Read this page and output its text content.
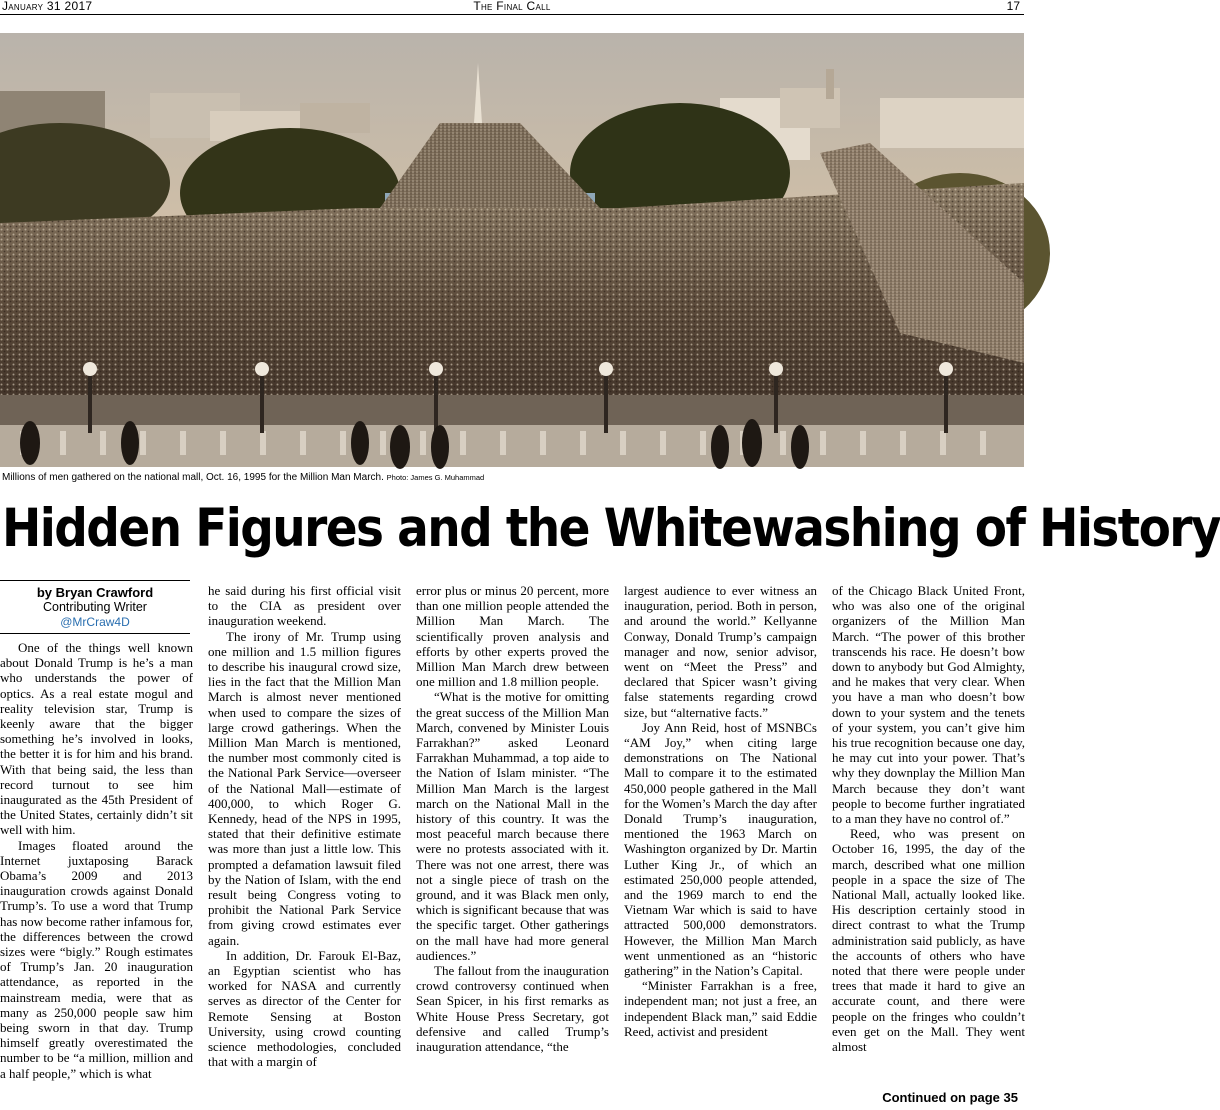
January 31 2017	The Final Call	17
Millions of men gathered on the national mall, Oct. 16, 1995 for the Million Man March. Photo: James G. Muhammad
Hidden Figures and the Whitewashing of History
by Bryan Crawford
Contributing Writer
@MrCraw4D

One of the things well known about Donald Trump is he’s a man who understands the power of optics. As a real estate mogul and reality television star, Trump is keenly aware that the bigger something he’s involved in looks, the better it is for him and his brand. With that being said, the less than record turnout to see him inaugurated as the 45th President of the United States, certainly didn’t sit well with him.

Images floated around the Internet juxtaposing Barack Obama’s 2009 and 2013 inauguration crowds against Donald Trump’s. To use a word that Trump has now become rather infamous for, the differences between the crowd sizes were “bigly.” Rough estimates of Trump’s Jan. 20 inauguration attendance, as reported in the mainstream media, were that as many as 250,000 people saw him being sworn in that day. Trump himself greatly overestimated the number to be “a million, million and a half people,” which is what

he said during his first official visit to the CIA as president over inauguration weekend.

The irony of Mr. Trump using one million and 1.5 million figures to describe his inaugural crowd size, lies in the fact that the Million Man March is almost never mentioned when used to compare the sizes of large crowd gatherings. When the Million Man March is mentioned, the number most commonly cited is the National Park Service—overseer of the National Mall—estimate of 400,000, to which Roger G. Kennedy, head of the NPS in 1995, stated that their definitive estimate was more than just a little low. This prompted a defamation lawsuit filed by the Nation of Islam, with the end result being Congress voting to prohibit the National Park Service from giving crowd estimates ever again.

In addition, Dr. Farouk El-Baz, an Egyptian scientist who has worked for NASA and currently serves as director of the Center for Remote Sensing at Boston University, using crowd counting science methodologies, concluded that with a margin of

error plus or minus 20 percent, more than one million people attended the Million Man March. The scientifically proven analysis and efforts by other experts proved the Million Man March drew between one million and 1.8 million people.

“What is the motive for omitting the great success of the Million Man March, convened by Minister Louis Farrakhan?” asked Leonard Farrakhan Muhammad, a top aide to the Nation of Islam minister. “The Million Man March is the largest march on the National Mall in the history of this country. It was the most peaceful march because there were no protests associated with it. There was not one arrest, there was not a single piece of trash on the ground, and it was Black men only, which is significant because that was the specific target. Other gatherings on the mall have had more general audiences.”

The fallout from the inauguration crowd controversy continued when Sean Spicer, in his first remarks as White House Press Secretary, got defensive and called Trump’s inauguration attendance, “the

largest audience to ever witness an inauguration, period. Both in person, and around the world.” Kellyanne Conway, Donald Trump’s campaign manager and now, senior advisor, went on “Meet the Press” and declared that Spicer wasn’t giving false statements regarding crowd size, but “alternative facts.”

Joy Ann Reid, host of MSNBCs “AM Joy,” when citing large demonstrations on The National Mall to compare it to the estimated 450,000 people gathered in the Mall for the Women’s March the day after Donald Trump’s inauguration, mentioned the 1963 March on Washington organized by Dr. Martin Luther King Jr., of which an estimated 250,000 people attended, and the 1969 march to end the Vietnam War which is said to have attracted 500,000 demonstrators. However, the Million Man March went unmentioned as an “historic gathering” in the Nation’s Capital.

“Minister Farrakhan is a free, independent man; not just a free, an independent Black man,” said Eddie Reed, activist and president

of the Chicago Black United Front, who was also one of the original organizers of the Million Man March. “The power of this brother transcends his race. He doesn’t bow down to anybody but God Almighty, and he makes that very clear. When you have a man who doesn’t bow down to your system and the tenets of your system, you can’t give him his true recognition because one day, he may cut into your power. That’s why they downplay the Million Man March because they don’t want people to become further ingratiated to a man they have no control of.”

Reed, who was present on October 16, 1995, the day of the march, described what one million people in a space the size of The National Mall, actually looked like. His description certainly stood in direct contrast to what the Trump administration said publicly, as have the accounts of others who have noted that there were people under trees that made it hard to give an accurate count, and there were people on the fringes who couldn’t even get on the Mall. They went almost

Continued on page 35
